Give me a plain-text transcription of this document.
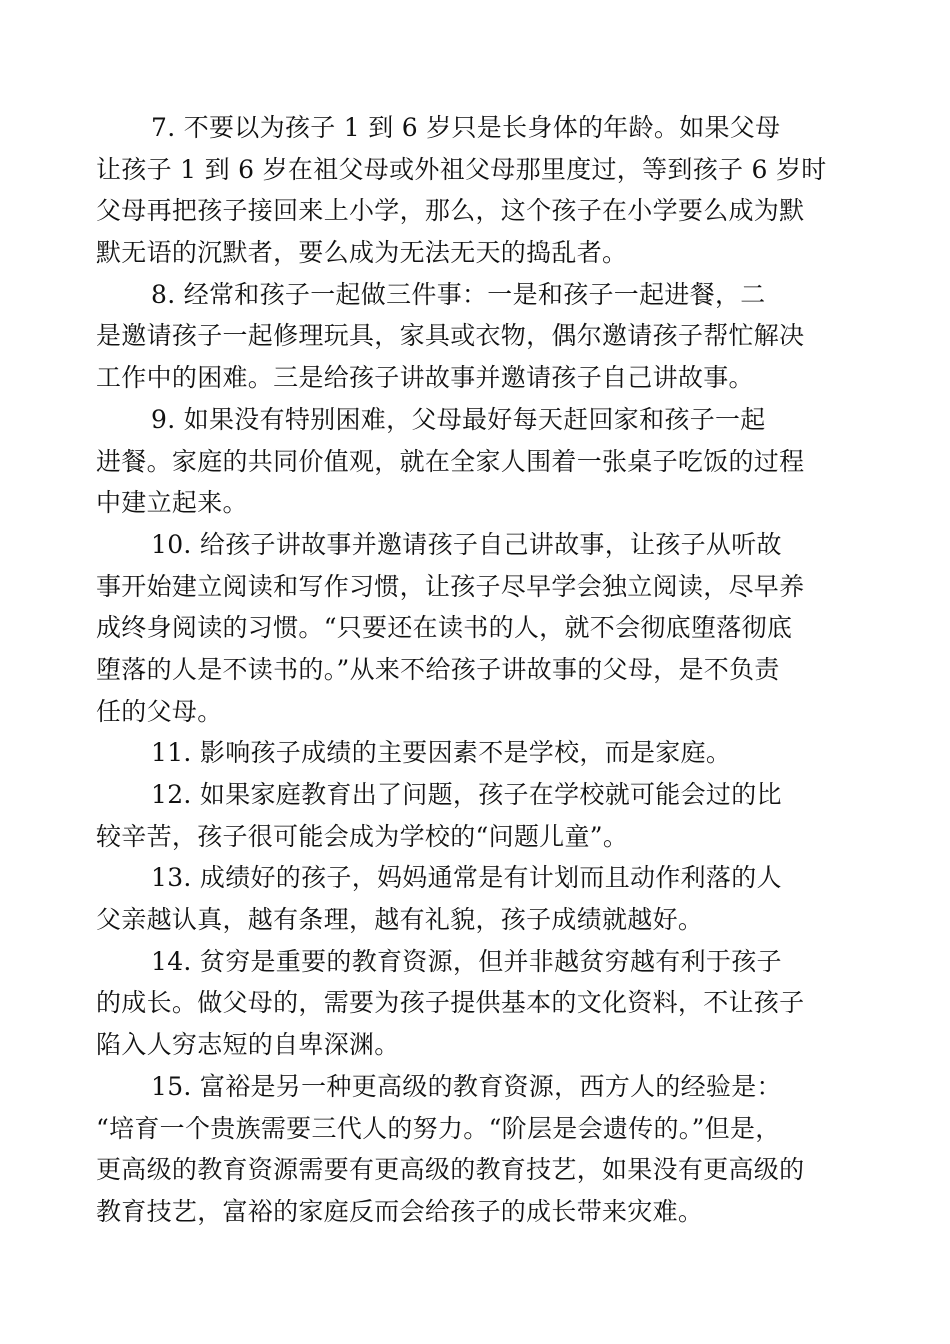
7. 不要以为孩子 1 到 6 岁只是长身体的年龄。如果父母
让孩子 1 到 6 岁在祖父母或外祖父母那里度过，等到孩子 6 岁时
父母再把孩子接回来上小学，那么，这个孩子在小学要么成为默
默无语的沉默者，要么成为无法无天的捣乱者。
8. 经常和孩子一起做三件事：一是和孩子一起进餐，二
是邀请孩子一起修理玩具，家具或衣物，偶尔邀请孩子帮忙解决
工作中的困难。三是给孩子讲故事并邀请孩子自己讲故事。
9. 如果没有特别困难，父母最好每天赶回家和孩子一起
进餐。家庭的共同价值观，就在全家人围着一张桌子吃饭的过程
中建立起来。
10. 给孩子讲故事并邀请孩子自己讲故事，让孩子从听故
事开始建立阅读和写作习惯，让孩子尽早学会独立阅读，尽早养
成终身阅读的习惯。“只要还在读书的人，就不会彻底堕落彻底
堕落的人是不读书的。”从来不给孩子讲故事的父母，是不负责
任的父母。
11. 影响孩子成绩的主要因素不是学校，而是家庭。
12. 如果家庭教育出了问题，孩子在学校就可能会过的比
较辛苦，孩子很可能会成为学校的“问题儿童”。
13. 成绩好的孩子，妈妈通常是有计划而且动作利落的人
父亲越认真，越有条理，越有礼貌，孩子成绩就越好。
14. 贫穷是重要的教育资源，但并非越贫穷越有利于孩子
的成长。做父母的，需要为孩子提供基本的文化资料，不让孩子
陷入人穷志短的自卑深渊。
15. 富裕是另一种更高级的教育资源，西方人的经验是：
“培育一个贵族需要三代人的努力。“阶层是会遗传的。”但是，
更高级的教育资源需要有更高级的教育技艺，如果没有更高级的
教育技艺，富裕的家庭反而会给孩子的成长带来灾难。
